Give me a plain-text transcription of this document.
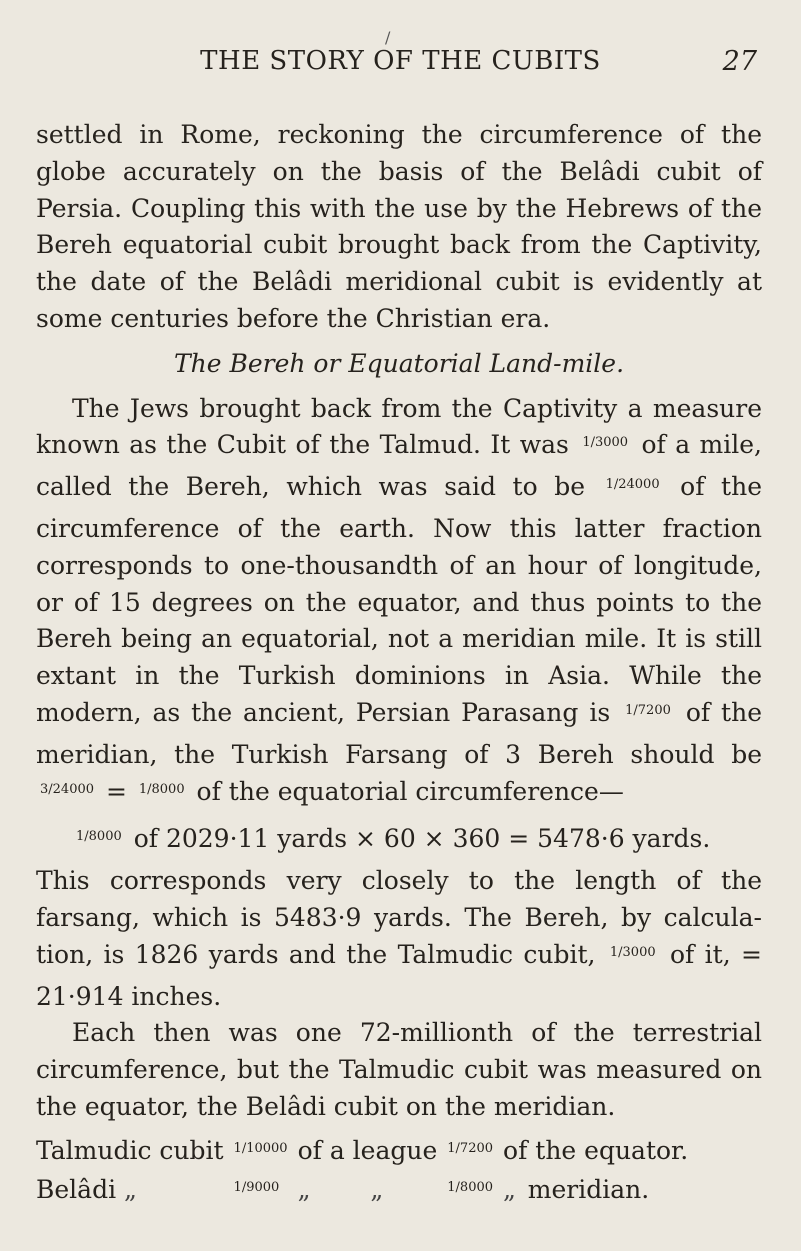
/
THE STORY OF THE CUBITS	27

settled in Rome, reckoning the circumference of the globe accurately on the basis of the Belâdi cubit of Persia. Coupling this with the use by the Hebrews of the Bereh equatorial cubit brought back from the Captivity, the date of the Belâdi meridional cubit is evidently at some centuries before the Christian era.

The Bereh or Equatorial Land-mile.

The Jews brought back from the Captivity a measure known as the Cubit of the Talmud. It was $^{1/3000}$ of a mile, called the Bereh, which was said to be $^{1/24000}$ of the circumference of the earth. Now this latter fraction corresponds to one-thousandth of an hour of longitude, or of 15 degrees on the equator, and thus points to the Bereh being an equatorial, not a meridian mile. It is still extant in the Turkish dominions in Asia. While the modern, as the ancient, Persian Parasang is $^{1/7200}$ of the meridian, the Turkish Farsang of 3 Bereh should be $^{3/24000}$ = $^{1/8000}$ of the equatorial circumference—

$^{1/8000}$ of 2029·11 yards × 60 × 360 = 5478·6 yards.

This corresponds very closely to the length of the farsang, which is 5483·9 yards. The Bereh, by calcula-tion, is 1826 yards and the Talmudic cubit, $^{1/3000}$ of it, = 21·914 inches.

Each then was one 72-millionth of the terrestrial circumference, but the Talmudic cubit was measured on the equator, the Belâdi cubit on the meridian.

Talmudic cubit	$^{1/10000}$	of a league		$^{1/7200}$	of the equator.	
Belâdi „	$^{1/9000}$	„	„	$^{1/8000}$	„	meridian.
